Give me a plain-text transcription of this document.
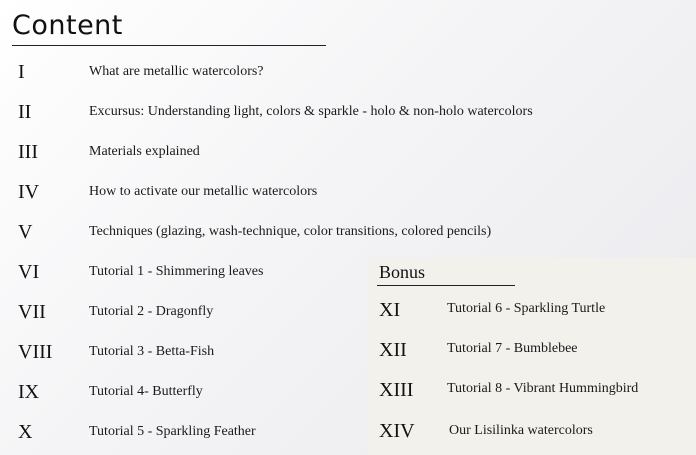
Content
I	What are metallic watercolors?
II	Excursus: Understanding light, colors & sparkle - holo & non-holo watercolors
III	Materials explained
IV	How to activate our metallic watercolors
V	Techniques (glazing, wash-technique, color transitions, colored pencils)
VI	Tutorial 1 - Shimmering leaves
VII	Tutorial 2 - Dragonfly
VIII	Tutorial 3 - Betta-Fish
IX	Tutorial 4- Butterfly
X	Tutorial 5 - Sparkling Feather
Bonus
XI	Tutorial 6 - Sparkling Turtle
XII	Tutorial 7 - Bumblebee
XIII Tutorial 8 - Vibrant Hummingbird
XIV Our Lisilinka watercolors
